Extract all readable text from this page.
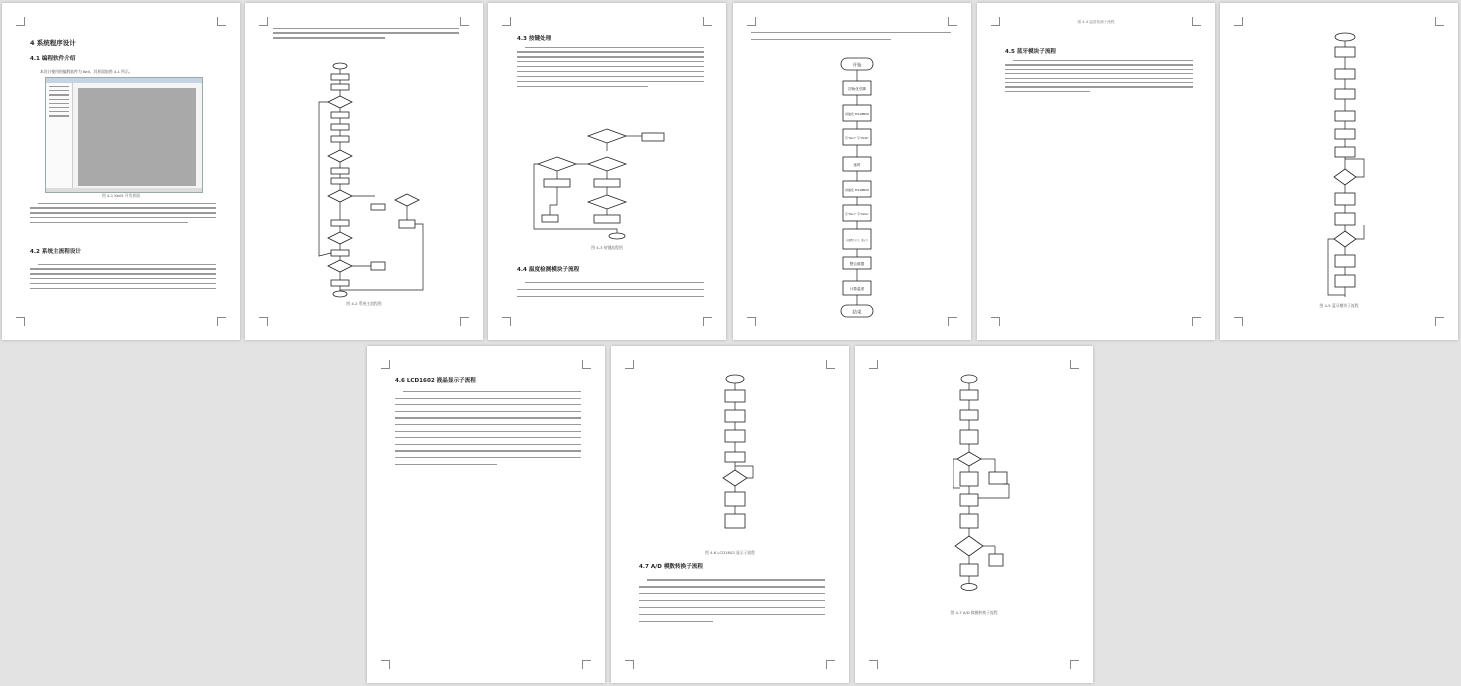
4 系统程序设计
4.1 编程软件介绍
本设计使用的编程软件为 Keil，其界面如图 4-1 所示。
图 4-1 Keil5 开发界面
4.2 系统主流程设计
图 4-2 系统主流程图
4.3 按键处理
图 4-3 按键流程图
4.4 温度检测模块子流程
开始
初始化引脚
初始化 DS18B20
写“0xcc” 写“0x44”
延时
初始化 DS18B20
写“0xcc” 写“0xbe”
读取两个字节，高字节
整合数据
计算温度
结束
图 4-4 温度检测子流程
4.5 蓝牙模块子流程
图 4-5 蓝牙模块子流程
4.6 LCD1602 液晶显示子流程
图 4-6 LCD1602 显示子流程
4.7 A/D 模数转换子流程
图 4-7 A/D 数模转换子流程
